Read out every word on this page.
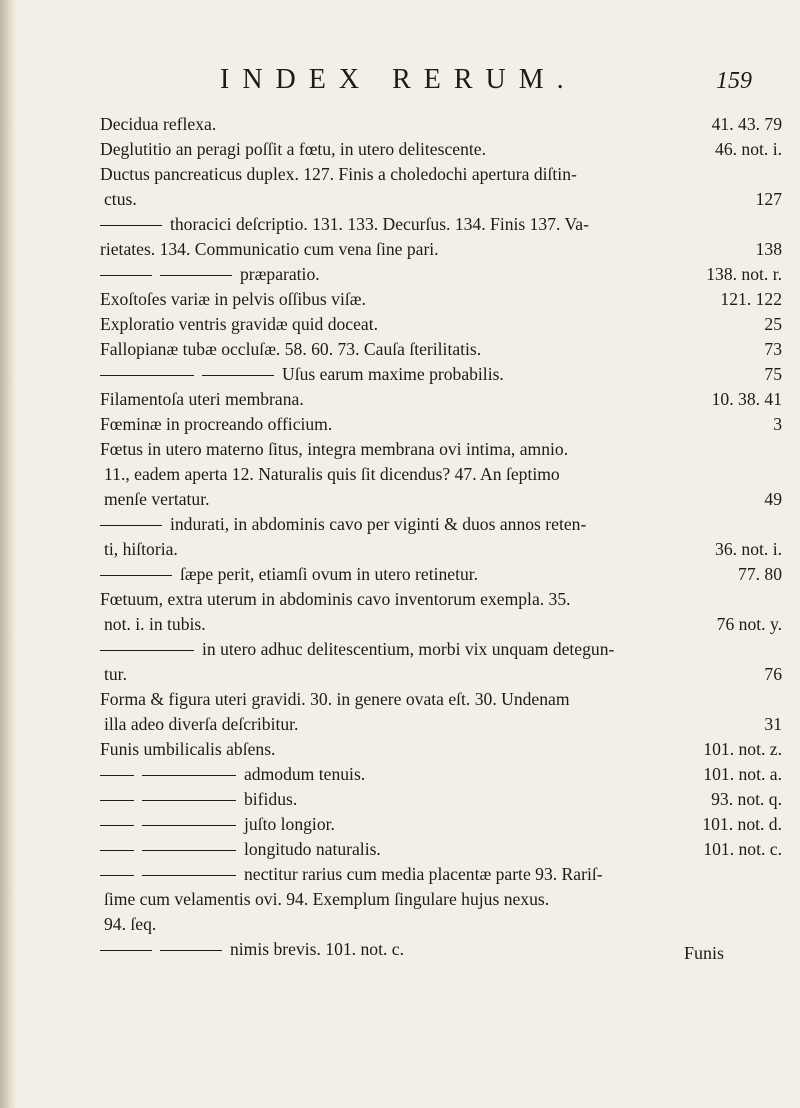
INDEX RERUM.	159
Decidua reflexa.	41. 43. 79
Deglutitio an peragi poſſit a fœtu, in utero delitescente.	46. not. i.
Ductus pancreaticus duplex. 127. Finis a choledochi apertura diſtin-
ctus.	127
thoracici deſcriptio. 131. 133. Decurſus. 134. Finis 137. Va-
rietates. 134. Communicatio cum vena ſine pari.	138
præparatio.	138. not. r.
Exoſtoſes variæ in pelvis oſſibus viſæ.	121. 122
Exploratio ventris gravidæ quid doceat.	25
Fallopianæ tubæ occluſæ. 58. 60. 73. Cauſa ſterilitatis.	73
Uſus earum maxime probabilis.	75
Filamentoſa uteri membrana.	10. 38. 41
Fœminæ in procreando officium.	3
Fœtus in utero materno ſitus, integra membrana ovi intima, amnio.
11., eadem aperta 12. Naturalis quis ſit dicendus? 47. An ſeptimo
menſe vertatur.	49
indurati, in abdominis cavo per viginti & duos annos reten-
ti, hiſtoria.	36. not. i.
ſæpe perit, etiamſi ovum in utero retinetur.	77. 80
Fœtuum, extra uterum in abdominis cavo inventorum exempla. 35.
not. i. in tubis.	76 not. y.
in utero adhuc delitescentium, morbi vix unquam detegun-
tur.	76
Forma & figura uteri gravidi. 30. in genere ovata eſt. 30. Undenam
illa adeo diverſa deſcribitur.	31
Funis umbilicalis abſens.	101. not. z.
admodum tenuis.	101. not. a.
bifidus.	93. not. q.
juſto longior.	101. not. d.
longitudo naturalis.	101. not. c.
nectitur rarius cum media placentæ parte 93. Rariſ-
ſime cum velamentis ovi. 94. Exemplum ſingulare hujus nexus.
94. ſeq.
nimis brevis. 101. not. c.	Funis
